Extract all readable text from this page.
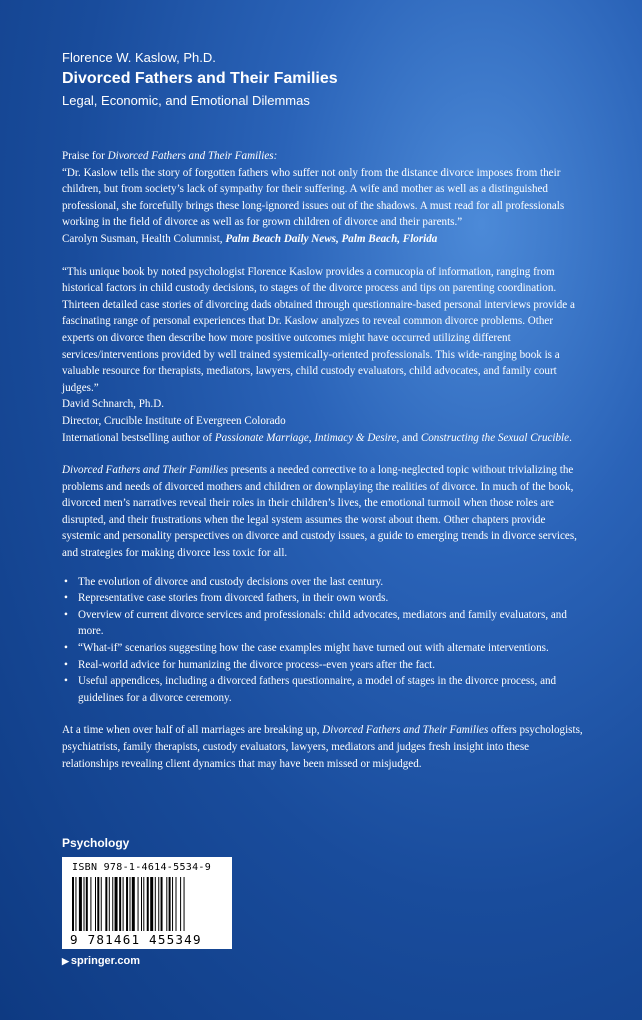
Florence W. Kaslow, Ph.D.

Divorced Fathers and Their Families

Legal, Economic, and Emotional Dilemmas

Praise for Divorced Fathers and Their Families:

“Dr. Kaslow tells the story of forgotten fathers who suffer not only from the distance divorce imposes from their children, but from society’s lack of sympathy for their suffering. A wife and mother as well as a distinguished professional, she forcefully brings these long-ignored issues out of the shadows. A must read for all professionals working in the field of divorce as well as for grown children of divorce and their parents.”

Carolyn Susman, Health Columnist, Palm Beach Daily News, Palm Beach, Florida

“This unique book by noted psychologist Florence Kaslow provides a cornucopia of information, ranging from historical factors in child custody decisions, to stages of the divorce process and tips on parenting coordination. Thirteen detailed case stories of divorcing dads obtained through questionnaire-based personal interviews provide a fascinating range of personal experiences that Dr. Kaslow analyzes to reveal common divorce problems. Other experts on divorce then describe how more positive outcomes might have occurred utilizing different services/interventions provided by well trained systemically-oriented professionals. This wide-ranging book is a valuable resource for therapists, mediators, lawyers, child custody evaluators, child advocates, and family court judges.”

David Schnarch, Ph.D.

Director, Crucible Institute of Evergreen Colorado

International bestselling author of Passionate Marriage, Intimacy & Desire, and Constructing the Sexual Crucible.

Divorced Fathers and Their Families presents a needed corrective to a long-neglected topic without trivializing the problems and needs of divorced mothers and children or downplaying the realities of divorce. In much of the book, divorced men’s narratives reveal their roles in their children’s lives, the emotional turmoil when those roles are disrupted, and their frustrations when the legal system assumes the worst about them. Other chapters provide systemic and personality perspectives on divorce and custody issues, a guide to emerging trends in divorce services, and strategies for making divorce less toxic for all.

• The evolution of divorce and custody decisions over the last century.
• Representative case stories from divorced fathers, in their own words.
• Overview of current divorce services and professionals: child advocates, mediators and family evaluators, and more.
• “What-if” scenarios suggesting how the case examples might have turned out with alternate interventions.
• Real-world advice for humanizing the divorce process--even years after the fact.
• Useful appendices, including a divorced fathers questionnaire, a model of stages in the divorce process, and guidelines for a divorce ceremony.

At a time when over half of all marriages are breaking up, Divorced Fathers and Their Families offers psychologists, psychiatrists, family therapists, custody evaluators, lawyers, mediators and judges fresh insight into these relationships revealing client dynamics that may have been missed or misjudged.

Psychology
ISBN 978-1-4614-5534-9
9 781461 455349
▶ springer.com
